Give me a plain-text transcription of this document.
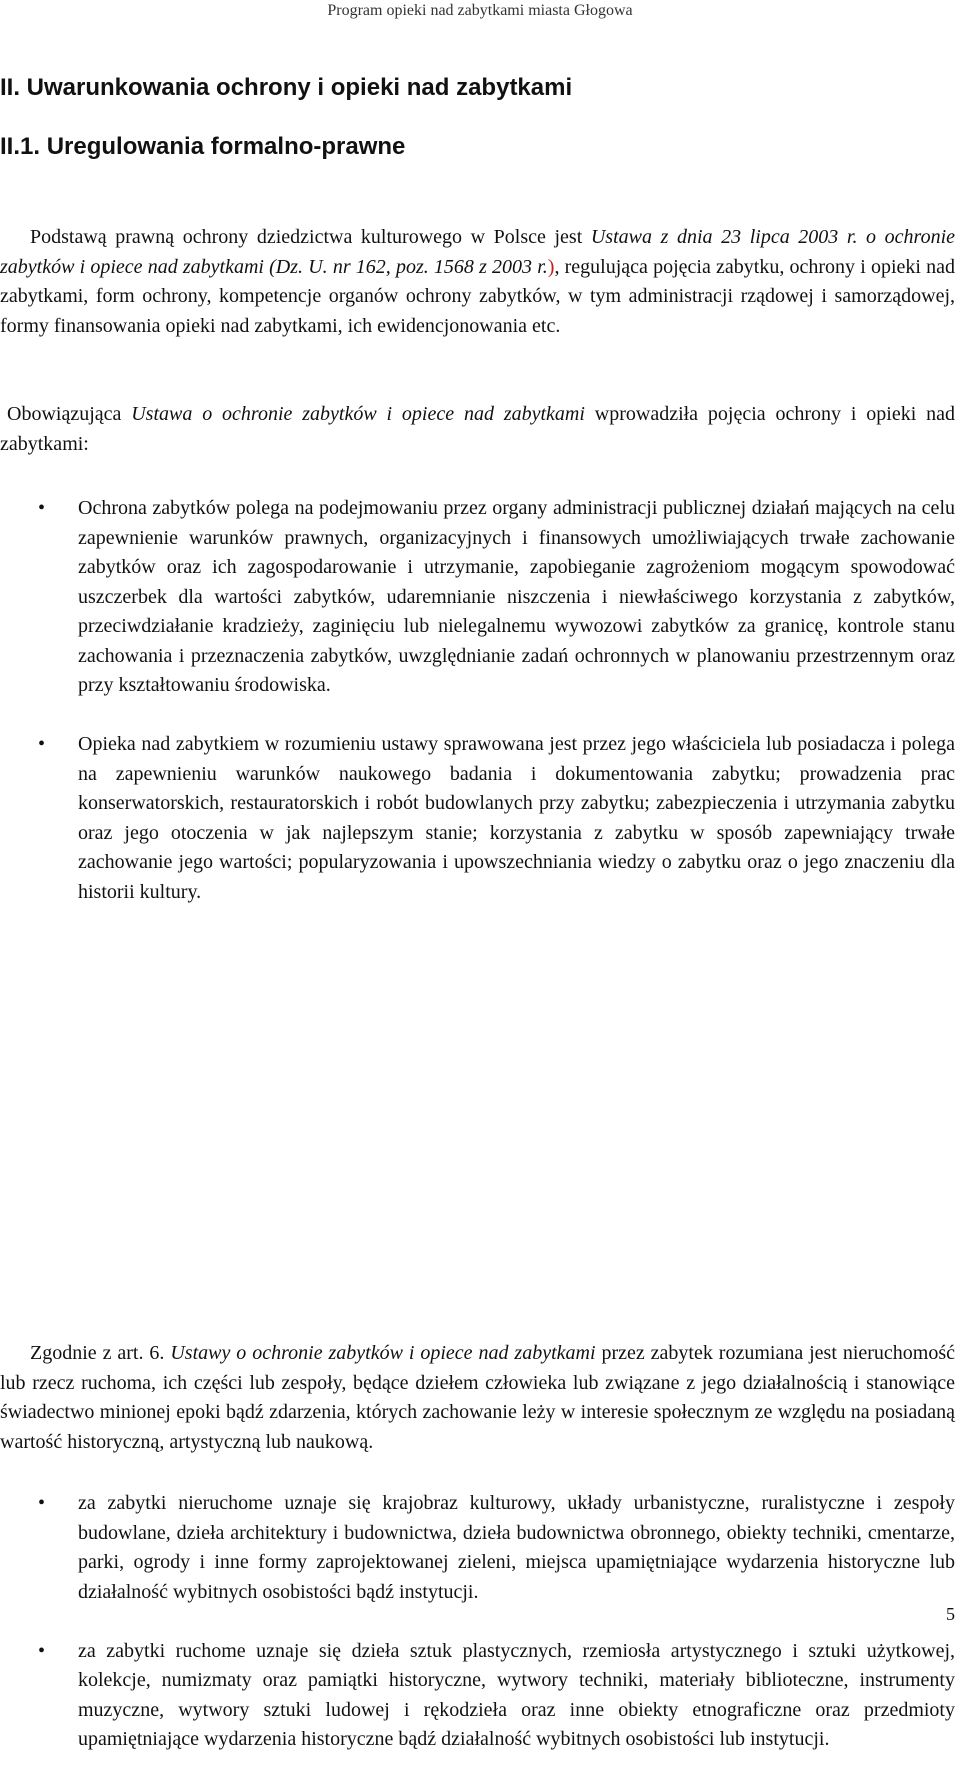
Program opieki nad zabytkami miasta Głogowa
II. Uwarunkowania ochrony i opieki nad zabytkami
II.1. Uregulowania formalno-prawne

Podstawą prawną ochrony dziedzictwa kulturowego w Polsce jest Ustawa z dnia 23 lipca 2003 r. o ochronie zabytków i opiece nad zabytkami (Dz. U. nr 162, poz. 1568 z 2003 r.), regulująca pojęcia zabytku, ochrony i opieki nad zabytkami, form ochrony, kompetencje organów ochrony zabytków, w tym administracji rządowej i samorządowej, formy finansowania opieki nad zabytkami, ich ewidencjonowania etc.

Obowiązująca Ustawa o ochronie zabytków i opiece nad zabytkami wprowadziła pojęcia ochrony i opieki nad zabytkami:

• Ochrona zabytków polega na podejmowaniu przez organy administracji publicznej działań mających na celu zapewnienie warunków prawnych, organizacyjnych i finansowych umożliwiających trwałe zachowanie zabytków oraz ich zagospodarowanie i utrzymanie, zapobieganie zagrożeniom mogącym spowodować uszczerbek dla wartości zabytków, udaremnianie niszczenia i niewłaściwego korzystania z zabytków, przeciwdziałanie kradzieży, zaginięciu lub nielegalnemu wywozowi zabytków za granicę, kontrole stanu zachowania i przeznaczenia zabytków, uwzględnianie zadań ochronnych w planowaniu przestrzennym oraz przy kształtowaniu środowiska.

• Opieka nad zabytkiem w rozumieniu ustawy sprawowana jest przez jego właściciela lub posiadacza i polega na zapewnieniu warunków naukowego badania i dokumentowania zabytku; prowadzenia prac konserwatorskich, restauratorskich i robót budowlanych przy zabytku; zabezpieczenia i utrzymania zabytku oraz jego otoczenia w jak najlepszym stanie; korzystania z zabytku w sposób zapewniający trwałe zachowanie jego wartości; popularyzowania i upowszechniania wiedzy o zabytku oraz o jego znaczeniu dla historii kultury.

Zgodnie z art. 6. Ustawy o ochronie zabytków i opiece nad zabytkami przez zabytek rozumiana jest nieruchomość lub rzecz ruchoma, ich części lub zespoły, będące dziełem człowieka lub związane z jego działalnością i stanowiące świadectwo minionej epoki bądź zdarzenia, których zachowanie leży w interesie społecznym ze względu na posiadaną wartość historyczną, artystyczną lub naukową.

• za zabytki nieruchome uznaje się krajobraz kulturowy, układy urbanistyczne, ruralistyczne i zespoły budowlane, dzieła architektury i budownictwa, dzieła budownictwa obronnego, obiekty techniki, cmentarze, parki, ogrody i inne formy zaprojektowanej zieleni, miejsca upamiętniające wydarzenia historyczne lub działalność wybitnych osobistości bądź instytucji.

• za zabytki ruchome uznaje się dzieła sztuk plastycznych, rzemiosła artystycznego i sztuki użytkowej, kolekcje, numizmaty oraz pamiątki historyczne, wytwory techniki, materiały biblioteczne, instrumenty muzyczne, wytwory sztuki ludowej i rękodzieła oraz inne obiekty etnograficzne oraz przedmioty upamiętniające wydarzenia historyczne bądź działalność wybitnych osobistości lub instytucji.

5
